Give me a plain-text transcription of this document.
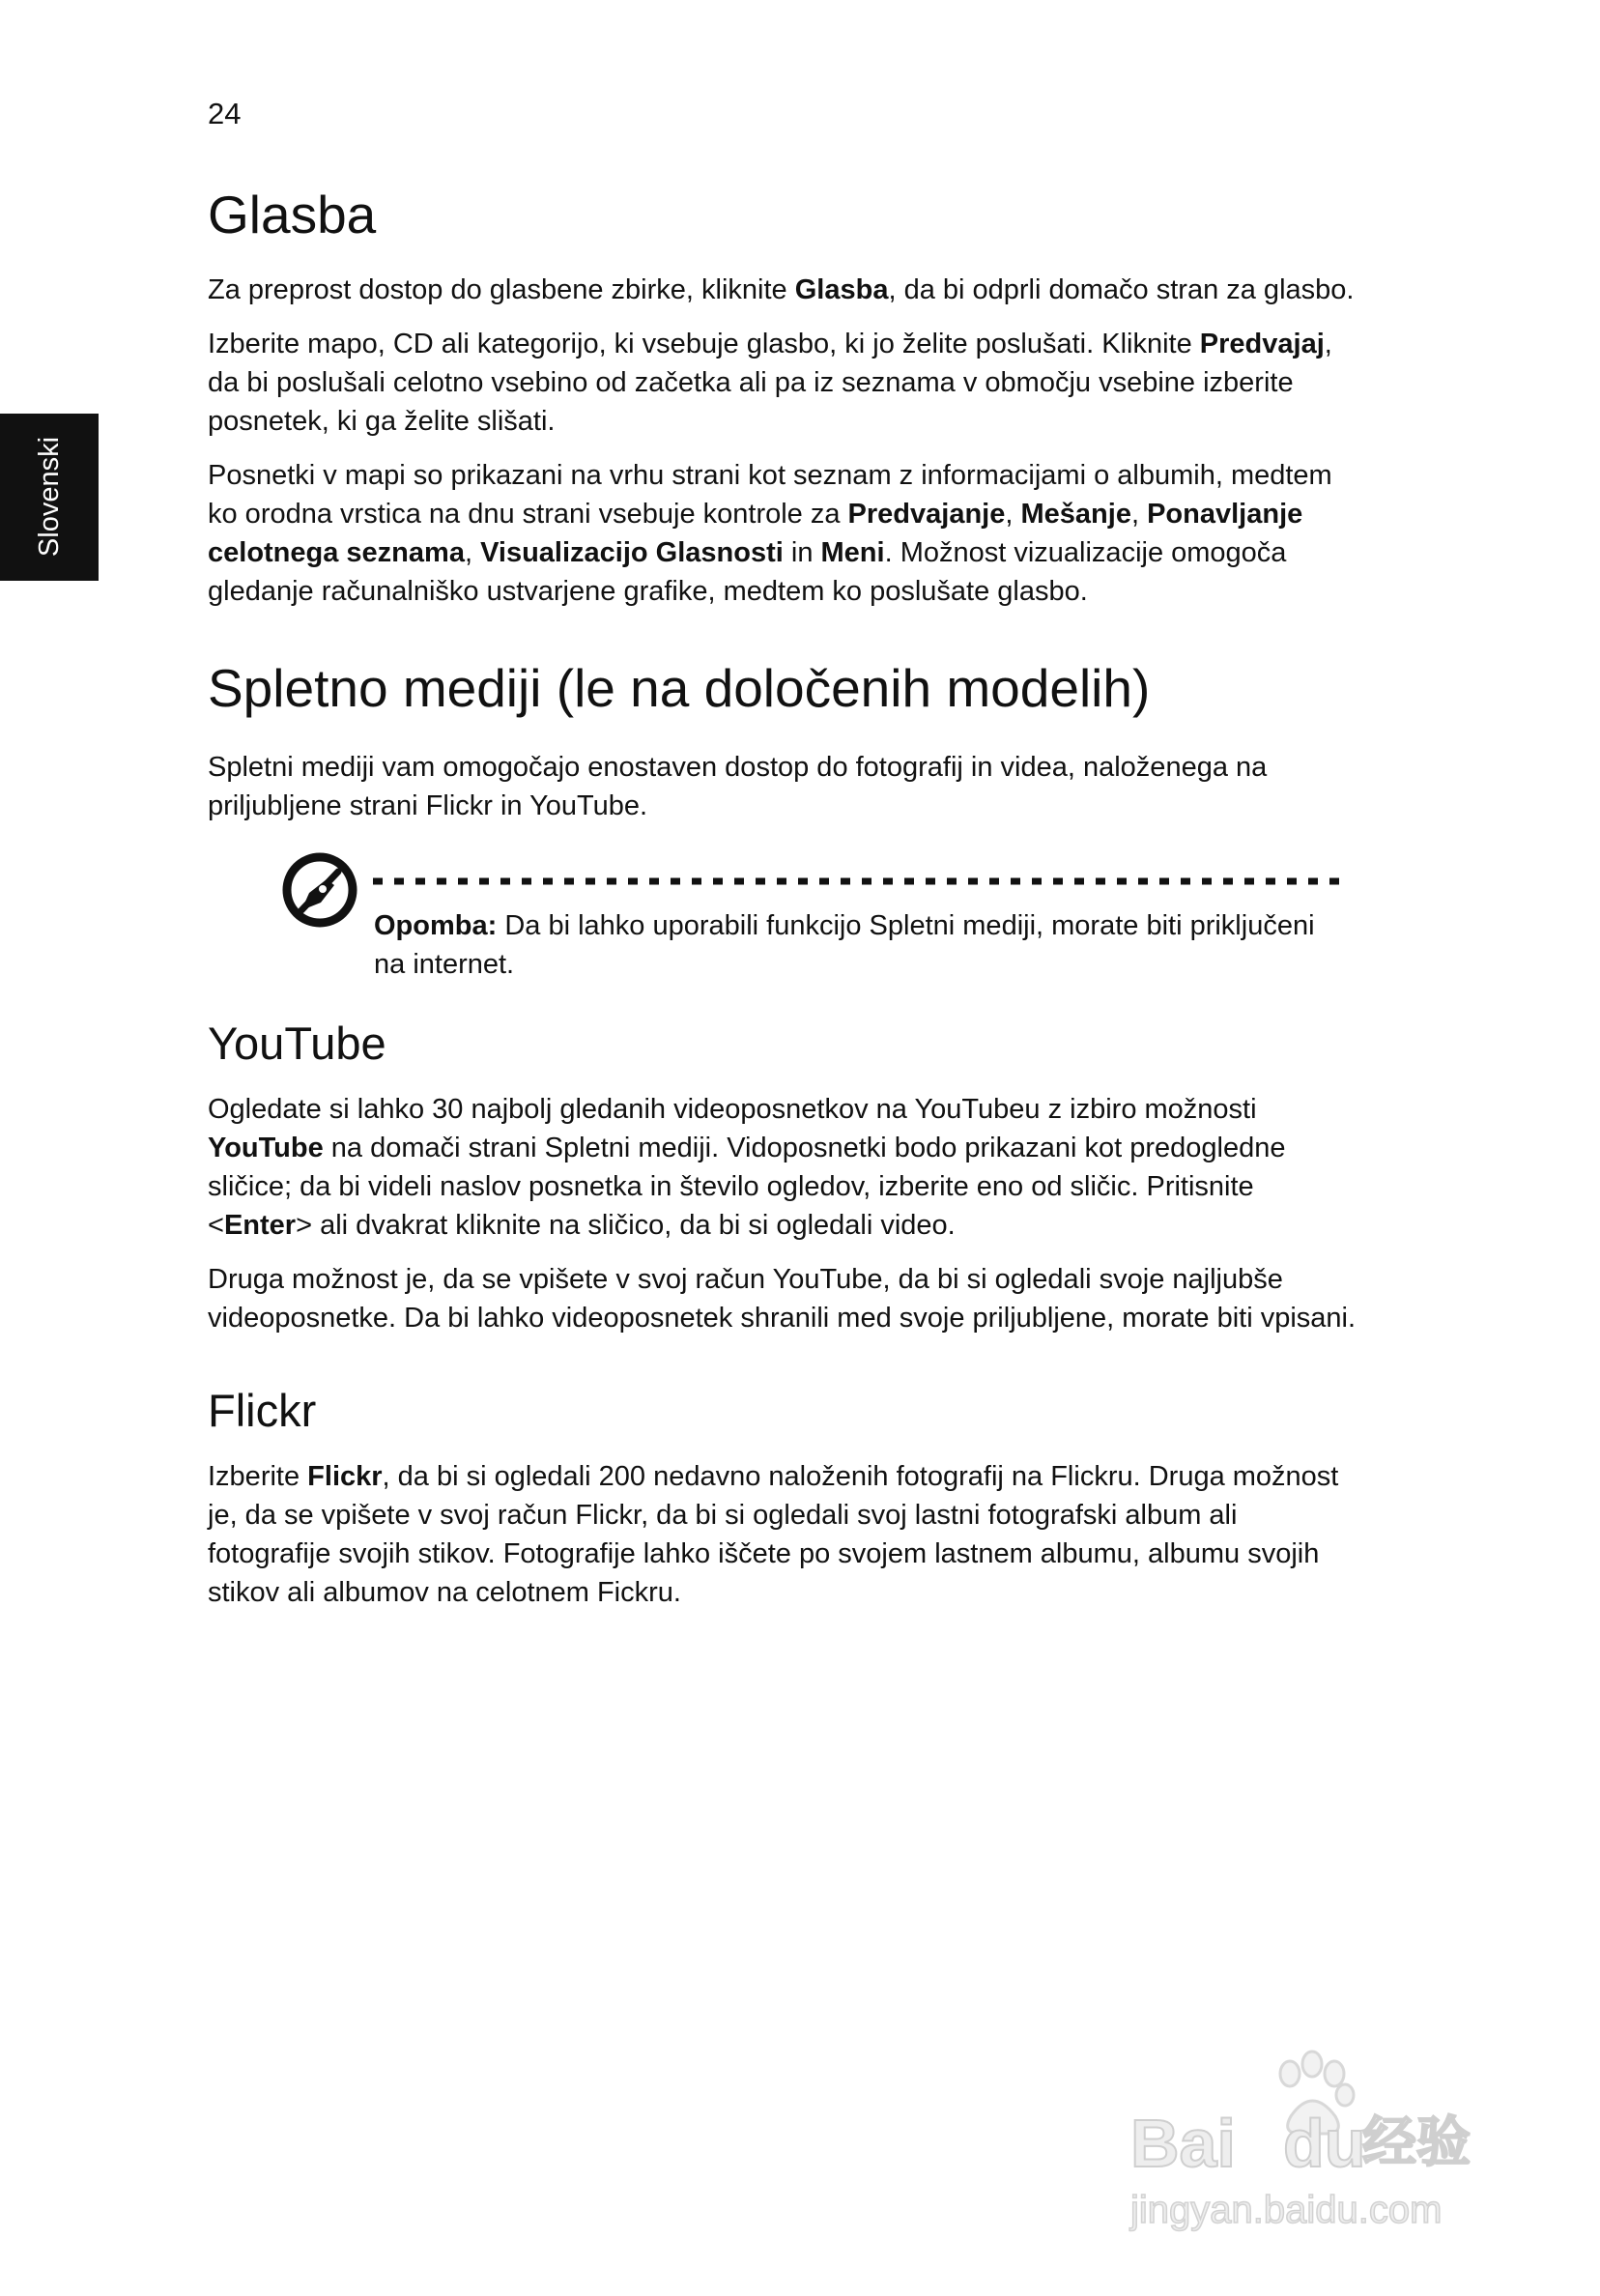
24
Slovenski
Glasba

Za preprost dostop do glasbene zbirke, kliknite Glasba, da bi odprli domačo stran za glasbo.

Izberite mapo, CD ali kategorijo, ki vsebuje glasbo, ki jo želite poslušati. Kliknite Predvajaj, da bi poslušali celotno vsebino od začetka ali pa iz seznama v območju vsebine izberite posnetek, ki ga želite slišati.

Posnetki v mapi so prikazani na vrhu strani kot seznam z informacijami o albumih, medtem ko orodna vrstica na dnu strani vsebuje kontrole za Predvajanje, Mešanje, Ponavljanje celotnega seznama, Visualizacijo Glasnosti in Meni. Možnost vizualizacije omogoča gledanje računalniško ustvarjene grafike, medtem ko poslušate glasbo.

Spletno mediji (le na določenih modelih)

Spletni mediji vam omogočajo enostaven dostop do fotografij in videa, naloženega na priljubljene strani Flickr in YouTube.

Opomba: Da bi lahko uporabili funkcijo Spletni mediji, morate biti priključeni na internet.

YouTube

Ogledate si lahko 30 najbolj gledanih videoposnetkov na YouTubeu z izbiro možnosti YouTube na domači strani Spletni mediji. Vidoposnetki bodo prikazani kot predogledne sličice; da bi videli naslov posnetka in število ogledov, izberite eno od sličic. Pritisnite <Enter> ali dvakrat kliknite na sličico, da bi si ogledali video.

Druga možnost je, da se vpišete v svoj račun YouTube, da bi si ogledali svoje najljubše videoposnetke. Da bi lahko videoposnetek shranili med svoje priljubljene, morate biti vpisani.

Flickr

Izberite Flickr, da bi si ogledali 200 nedavno naloženih fotografij na Flickru. Druga možnost je, da se vpišete v svoj račun Flickr, da bi si ogledali svoj lastni fotografski album ali fotografije svojih stikov. Fotografije lahko iščete po svojem lastnem albumu, albumu svojih stikov ali albumov na celotnem Fickru.

Bai du
经验
jingyan.baidu.com
